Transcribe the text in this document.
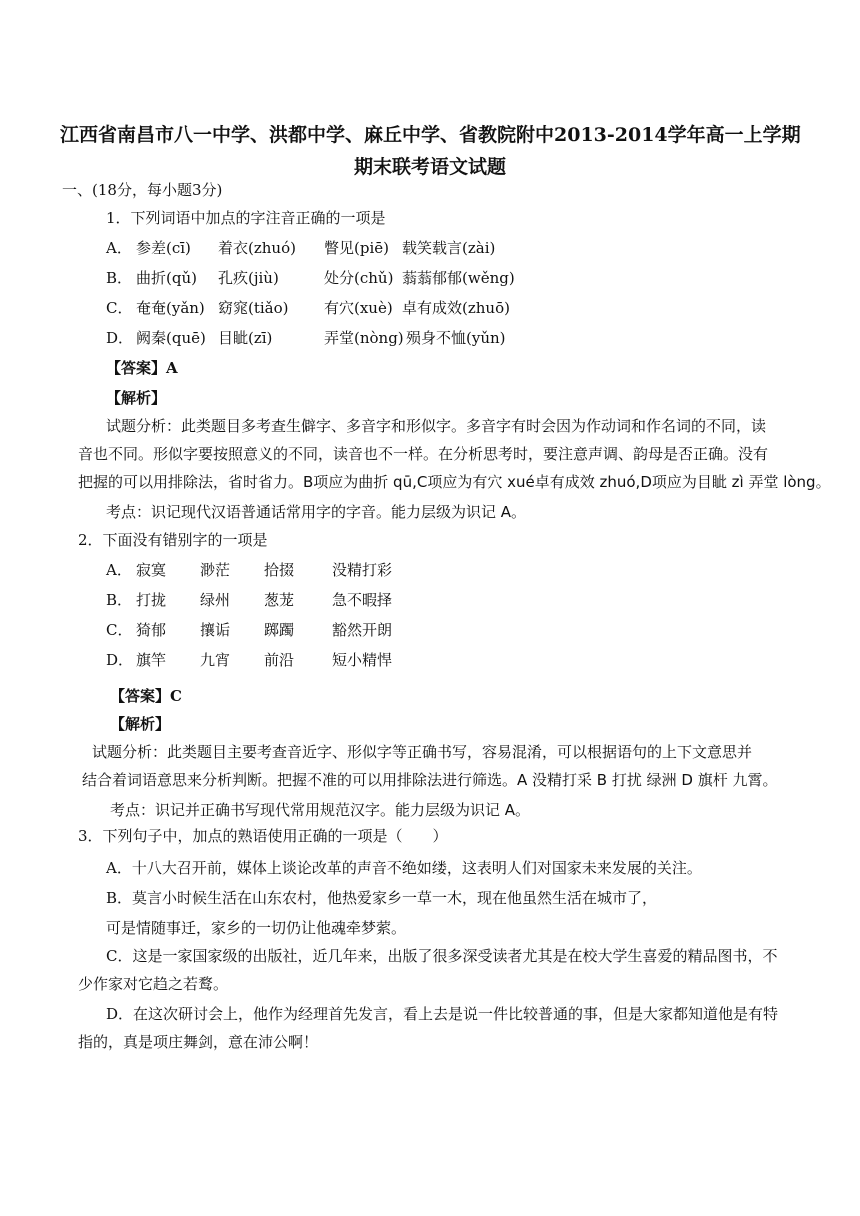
江西省南昌市八一中学、洪都中学、麻丘中学、省教院附中2013-2014学年高一上学期
期末联考语文试题
一、(18分，每小题3分)
1．下列词语中加点的字注音正确的一项是
A． 参差(cī) 着衣(zhuó) 瞥见(piē) 载笑载言(zài)
B． 曲折(qǔ) 孔疚(jiù)	处分(chǔ) 蓊蓊郁郁(wěng)
C． 奄奄(yǎn) 窈窕(tiǎo) 有穴(xuè) 卓有成效(zhuō)
D． 阙秦(quē) 目眦(zī)	弄堂(nòng) 殒身不恤(yǔn)
【答案】A
【解析】
试题分析：此类题目多考查生僻字、多音字和形似字。多音字有时会因为作动词和作名词的不同，读
音也不同。形似字要按照意义的不同，读音也不一样。在分析思考时，要注意声调、韵母是否正确。没有
把握的可以用排除法，省时省力。B项应为曲折 qū,C项应为有穴 xué卓有成效 zhuó,D项应为目眦 zì 弄堂 lòng。
考点：识记现代汉语普通话常用字的字音。能力层级为识记 A。
2．下面没有错别字的一项是
A． 寂寞 渺茫 拾掇	没精打彩
B． 打拢 绿州 葱茏	急不暇择
C． 猗郁 攘诟 踯躅	豁然开朗
D． 旗竿 九宵 前沿	短小精悍
【答案】C
【解析】
试题分析：此类题目主要考查音近字、形似字等正确书写，容易混淆，可以根据语句的上下文意思并
结合着词语意思来分析判断。把握不准的可以用排除法进行筛选。A 没精打采 B 打扰 绿洲 D 旗杆 九霄。
考点：识记并正确书写现代常用规范汉字。能力层级为识记 A。
3．下列句子中，加点的熟语使用正确的一项是（　　）
A．十八大召开前，媒体上谈论改革的声音不绝如缕，这表明人们对国家未来发展的关注。
B．莫言小时候生活在山东农村，他热爱家乡一草一木，现在他虽然生活在城市了，
可是情随事迁，家乡的一切仍让他魂牵梦萦。
C．这是一家国家级的出版社，近几年来，出版了很多深受读者尤其是在校大学生喜爱的精品图书，不
少作家对它趋之若鹜。
D．在这次研讨会上，他作为经理首先发言，看上去是说一件比较普通的事，但是大家都知道他是有特
指的，真是项庄舞剑，意在沛公啊！
